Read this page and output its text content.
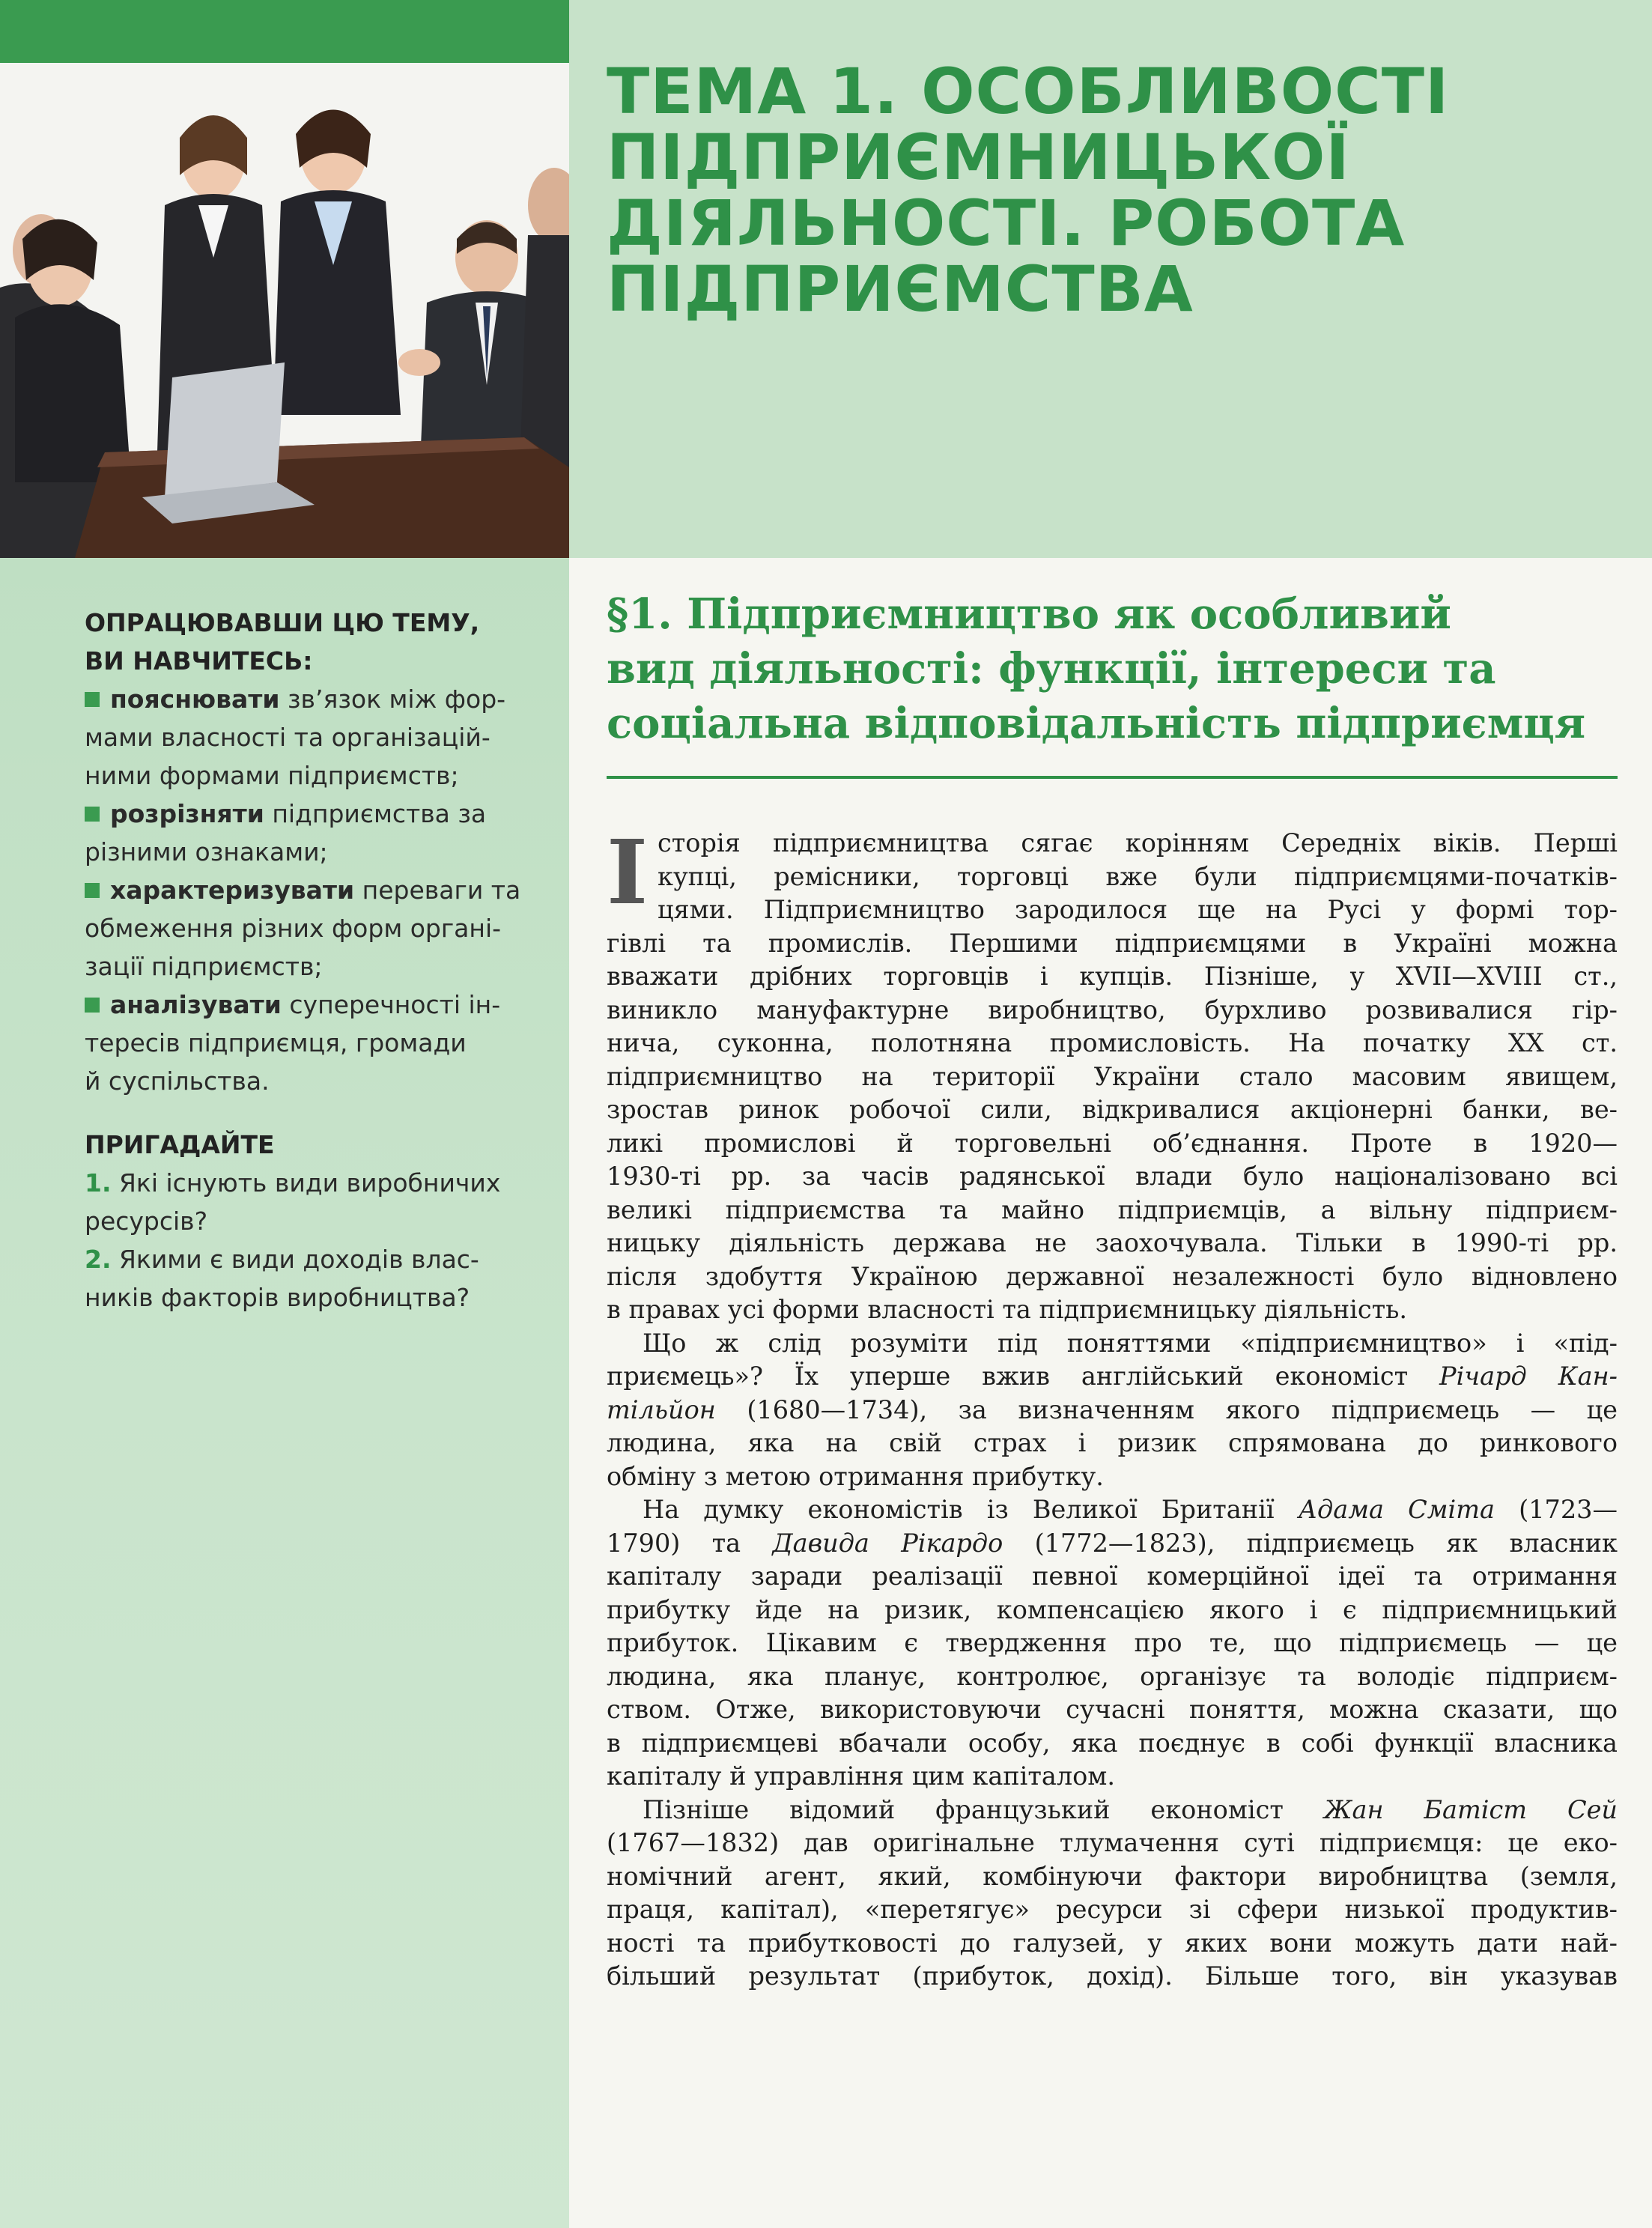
ТЕМА 1. ОСОБЛИВОСТІ
ПІДПРИЄМНИЦЬКОЇ
ДІЯЛЬНОСТІ. РОБОТА
ПІДПРИЄМСТВА
ОПРАЦЮВАВШИ ЦЮ ТЕМУ,
ВИ НАВЧИТЕСЬ:
пояснювати зв’язок між фор-
мами власності та організацій-
ними формами підприємств;
розрізняти підприємства за
різними ознаками;
характеризувати переваги та
обмеження різних форм органі-
зації підприємств;
аналізувати суперечності ін-
тересів підприємця, громади
й суспільства.
ПРИГАДАЙТЕ
1. Які існують види виробничих
ресурсів?
2. Якими є види доходів влас-
ників факторів виробництва?
§1. Підприємництво як особливий
вид діяльності: функції, інтереси та
соціальна відповідальність підприємця
І сторія підприємництва сягає корінням Середніх віків. Перші
купці, ремісники, торговці вже були підприємцями-початків-
цями. Підприємництво зародилося ще на Русі у формі тор-
гівлі та промислів. Першими підприємцями в Україні можна
вважати дрібних торговців і купців. Пізніше, у XVII—XVIII ст.,
виникло мануфактурне виробництво, бурхливо розвивалися гір-
нича, суконна, полотняна промисловість. На початку XX ст.
підприємництво на території України стало масовим явищем,
зростав ринок робочої сили, відкривалися акціонерні банки, ве-
ликі промислові й торговельні об’єднання. Проте в 1920—
1930-ті рр. за часів радянської влади було націоналізовано всі
великі підприємства та майно підприємців, а вільну підприєм-
ницьку діяльність держава не заохочувала. Тільки в 1990-ті рр.
після здобуття Україною державної незалежності було відновлено
в правах усі форми власності та підприємницьку діяльність.
Що ж слід розуміти під поняттями «підприємництво» і «під-
приємець»? Їх уперше вжив англійський економіст Річард Кан-
тільйон (1680—1734), за визначенням якого підприємець — це
людина, яка на свій страх і ризик спрямована до ринкового
обміну з метою отримання прибутку.
На думку економістів із Великої Британії Адама Сміта (1723—
1790) та Давида Рікардо (1772—1823), підприємець як власник
капіталу заради реалізації певної комерційної ідеї та отримання
прибутку йде на ризик, компенсацією якого і є підприємницький
прибуток. Цікавим є твердження про те, що підприємець — це
людина, яка планує, контролює, організує та володіє підприєм-
ством. Отже, використовуючи сучасні поняття, можна сказати, що
в підприємцеві вбачали особу, яка поєднує в собі функції власника
капіталу й управління цим капіталом.
Пізніше відомий французький економіст Жан Батіст Сей
(1767—1832) дав оригінальне тлумачення суті підприємця: це еко-
номічний агент, який, комбінуючи фактори виробництва (земля,
праця, капітал), «перетягує» ресурси зі сфери низької продуктив-
ності та прибутковості до галузей, у яких вони можуть дати най-
більший результат (прибуток, дохід). Більше того, він указував
